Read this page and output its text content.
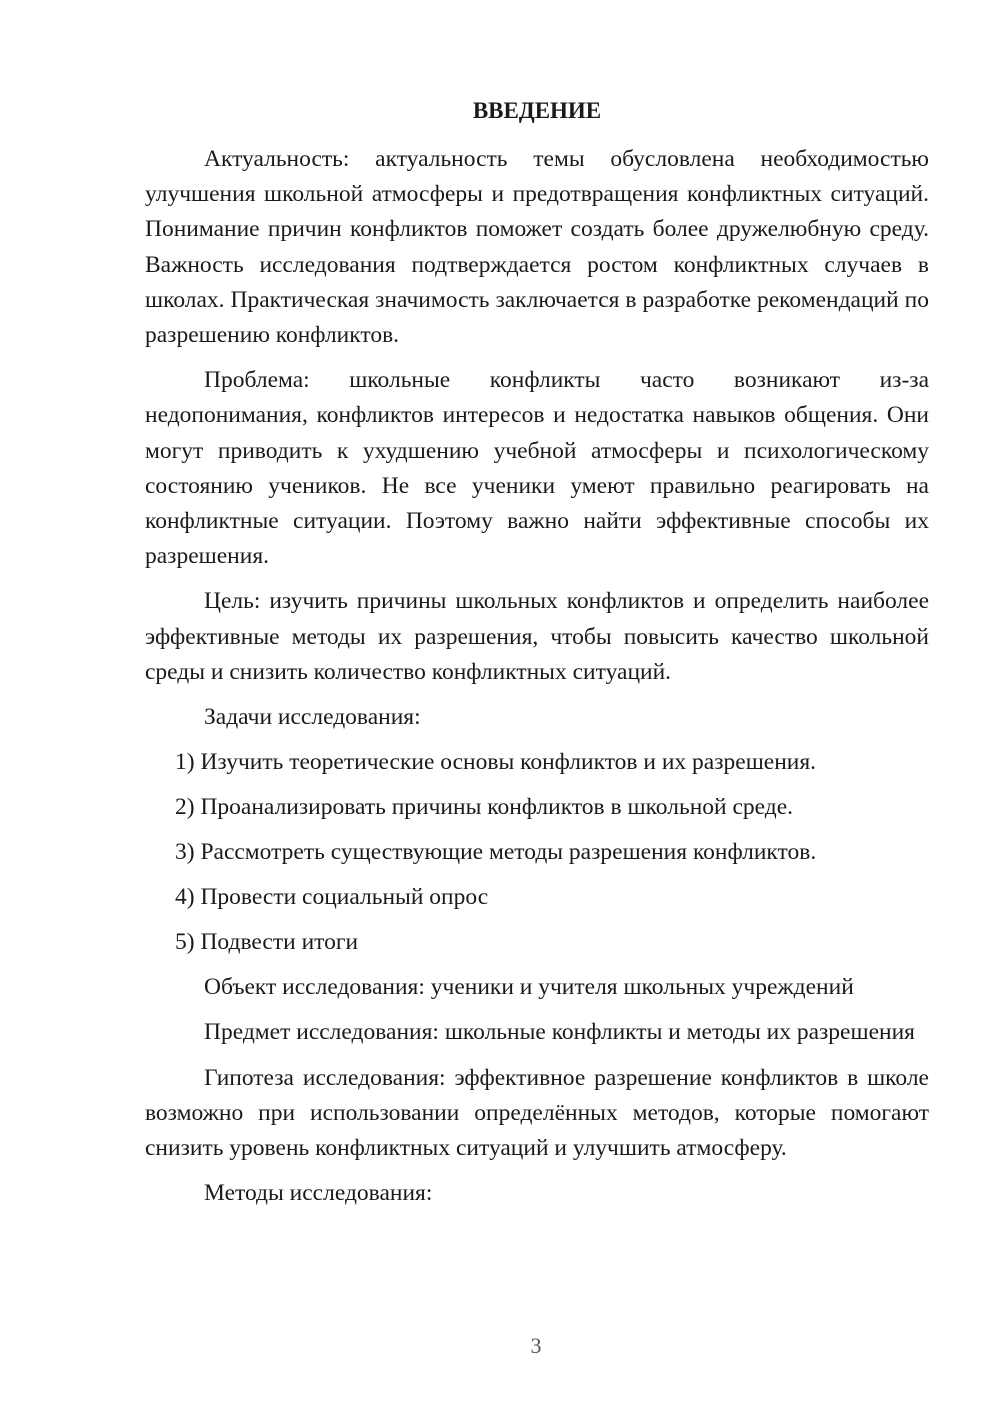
ВВЕДЕНИЕ

Актуальность: актуальность темы обусловлена необходимостью улучшения школьной атмосферы и предотвращения конфликтных ситуаций. Понимание причин конфликтов поможет создать более дружелюбную среду. Важность исследования подтверждается ростом конфликтных случаев в школах. Практическая значимость заключается в разработке рекомендаций по разрешению конфликтов.

Проблема: школьные конфликты часто возникают из-за недопонимания, конфликтов интересов и недостатка навыков общения. Они могут приводить к ухудшению учебной атмосферы и психологическому состоянию учеников. Не все ученики умеют правильно реагировать на конфликтные ситуации. Поэтому важно найти эффективные способы их разрешения.

Цель: изучить причины школьных конфликтов и определить наиболее эффективные методы их разрешения, чтобы повысить качество школьной среды и снизить количество конфликтных ситуаций.

Задачи исследования:

1) Изучить теоретические основы конфликтов и их разрешения.
2) Проанализировать причины конфликтов в школьной среде.
3) Рассмотреть существующие методы разрешения конфликтов.
4) Провести социальный опрос
5) Подвести итоги

Объект исследования: ученики и учителя школьных учреждений

Предмет исследования: школьные конфликты и методы их разрешения

Гипотеза исследования: эффективное разрешение конфликтов в школе возможно при использовании определённых методов, которые помогают снизить уровень конфликтных ситуаций и улучшить атмосферу.

Методы исследования:

3
